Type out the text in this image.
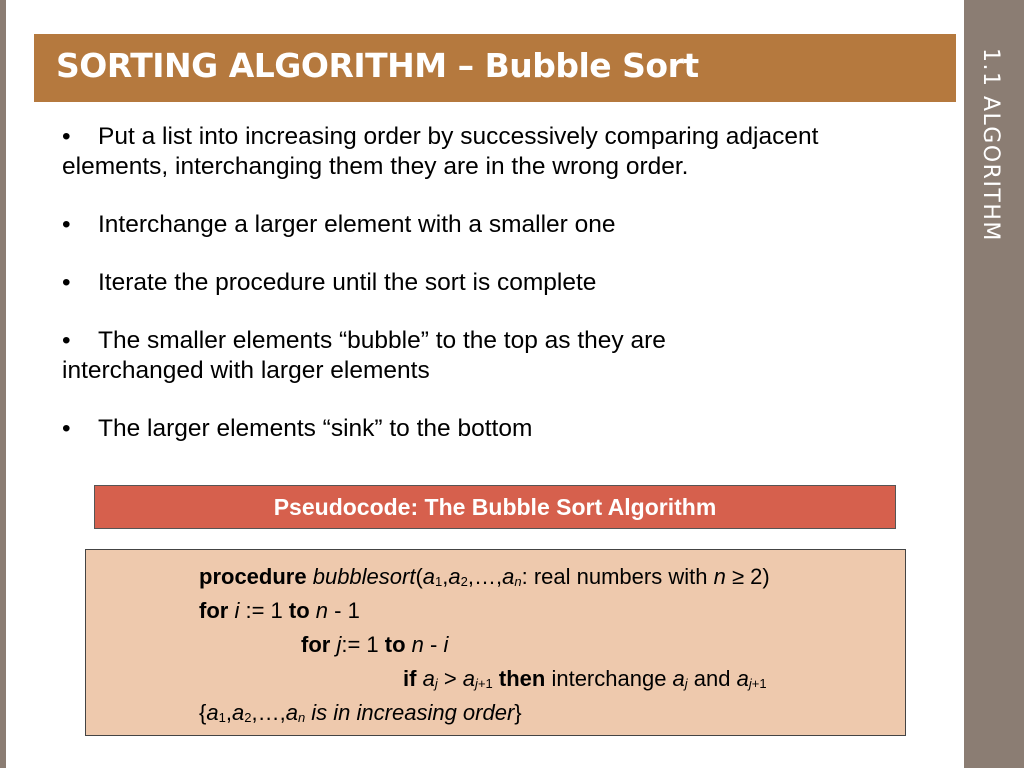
1.1 ALGORITHM
SORTING ALGORITHM – Bubble Sort
• Put a list into increasing order by successively comparing adjacent
elements, interchanging them they are in the wrong order.
• Interchange a larger element with a smaller one
• Iterate the procedure until the sort is complete
• The smaller elements “bubble” to the top as they are
interchanged with larger elements
• The larger elements “sink” to the bottom
Pseudocode: The Bubble Sort Algorithm
procedure $bubblesort(a_1,a_2,\dots,a_n$: real numbers with n ≥ 2)
for i := 1 to n - 1
for j:= 1 to n - i
if $a_j > a_{j+1}$ then interchange $a_j$ and $a_{j+1}$
{$a_1,a_2,\dots,a_n$ is in increasing order}
